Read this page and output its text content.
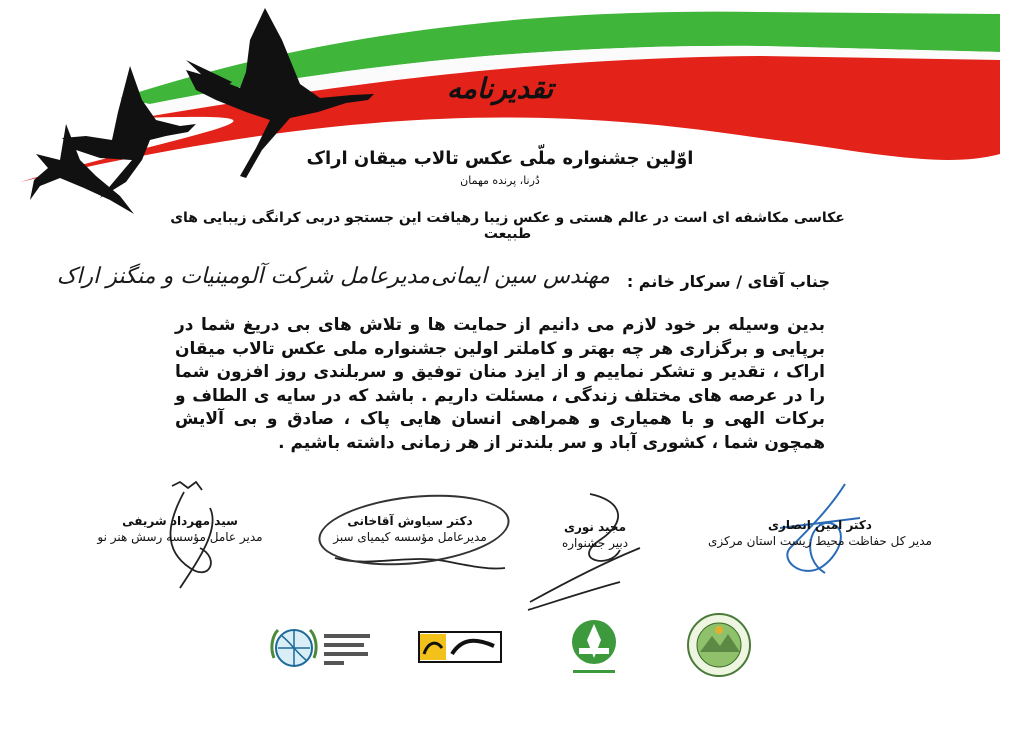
تقدیرنامه
اوّلین جشنواره ملّی عکس تالاب میقان اراک
دُرنا، پرنده مهمان
عکاسی مکاشفه ای است در عالم هستی و عکس زیبا رهیافت این جستجو دربی کرانگی زیبایی های طبیعت
جناب آقای / سرکار خانم :
مهندس سین ایمانی
مدیرعامل شرکت آلومینیات و منگنز اراک
بدین وسیله بر خود لازم می دانیم از حمایت ها و تلاش های بی دریغ شما در برپایی و برگزاری هر چه بهتر و کاملتر اولین جشنواره ملی عکس تالاب میقان اراک ، تقدیر و تشکر نماییم و از ایزد منان توفیق و سربلندی روز افزون شما را در عرصه های مختلف زندگی ، مسئلت داریم . باشد که در سایه ی الطاف و برکات الهی و با همیاری و همراهی انسان هایی پاک ، صادق و بی آلایش همچون شما ، کشوری آباد و سر بلندتر از هر زمانی داشته باشیم .
دکتر امین انصاری
مدیر کل حفاظت محیط زیست استان مرکزی
مجید نوری
دبیر جشنواره
دکتر سیاوش آقاخانی
مدیرعامل مؤسسه کیمیای سبز
سید مهرداد شریفی
مدیر عامل مؤسسه رسش هنر نو
